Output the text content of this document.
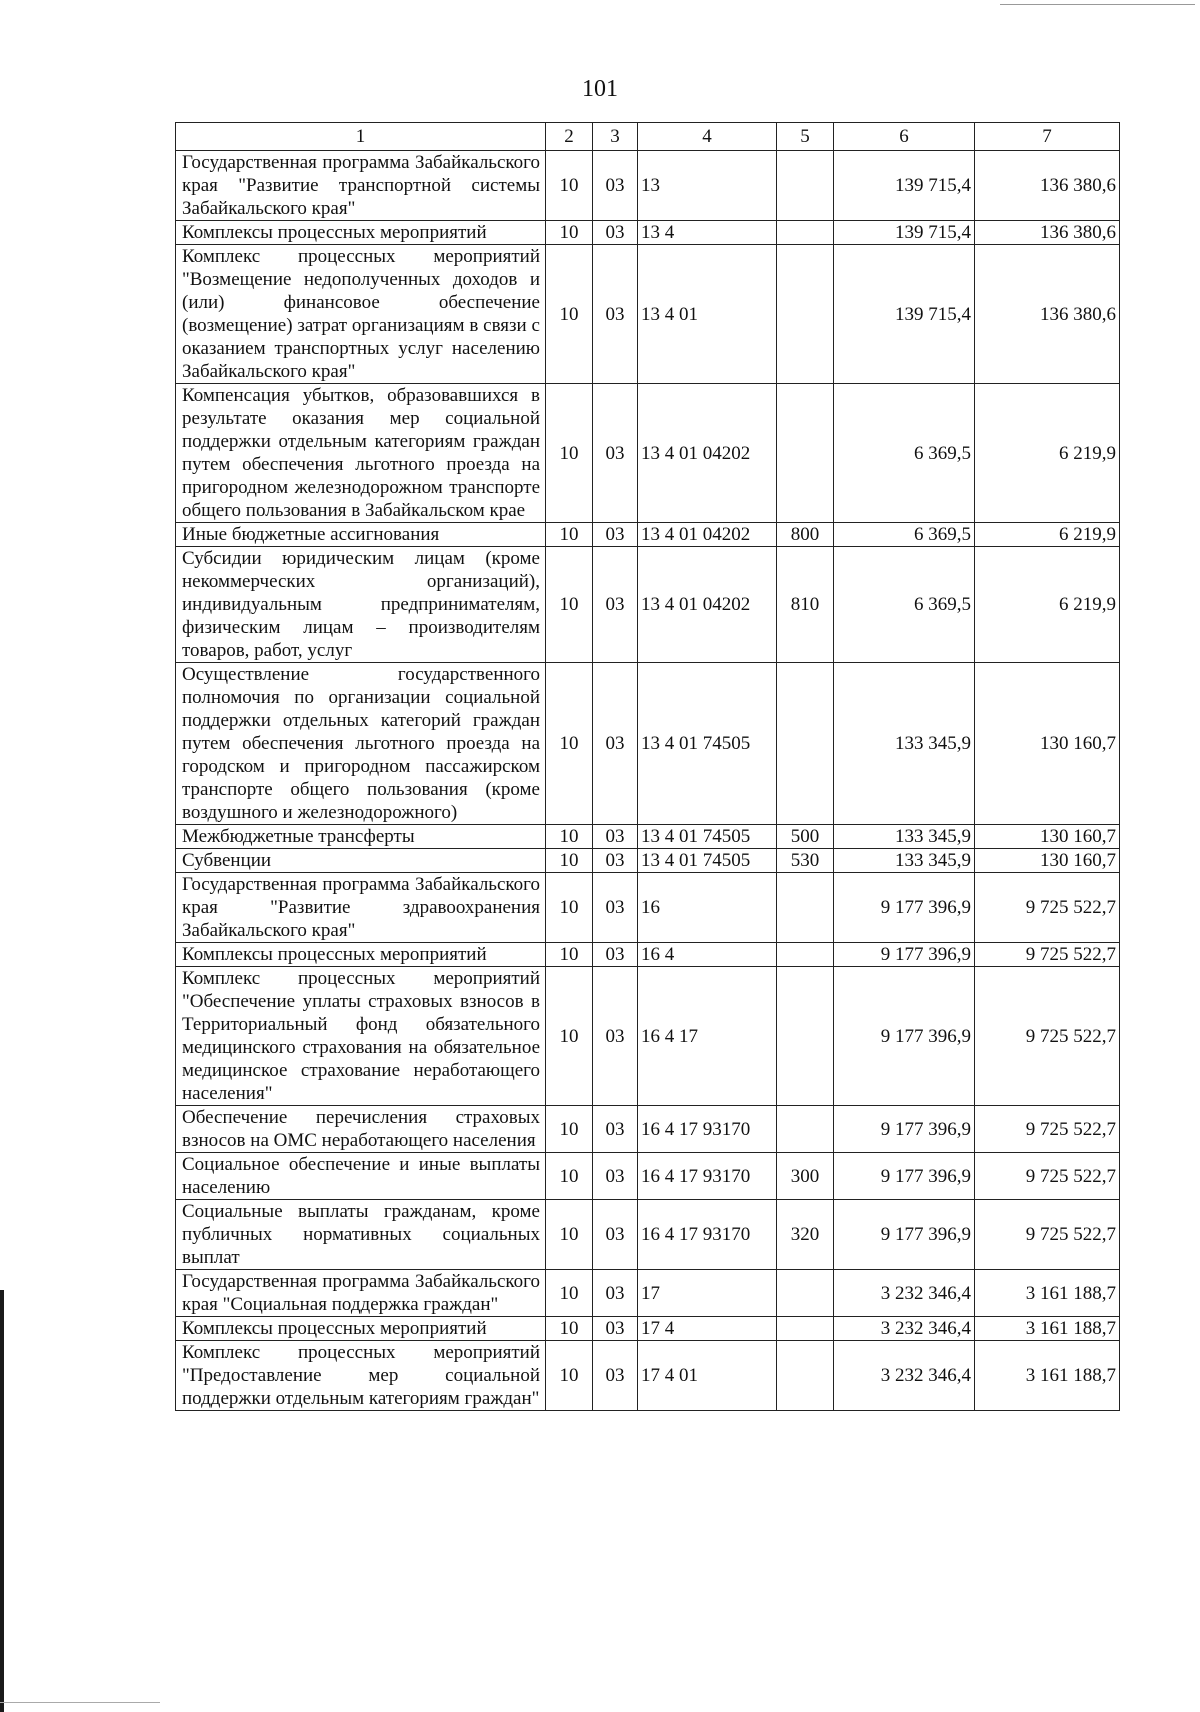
101
1	2	3	4	5	6	7
Государственная программа Забайкальского края "Развитие транспортной системы Забайкальского края"	10	03	13		139 715,4	136 380,6
Комплексы процессных мероприятий	10	03	13 4		139 715,4	136 380,6
Комплекс процессных мероприятий "Возмещение недополученных доходов и (или) финансовое обеспечение (возмещение) затрат организациям в связи с оказанием транспортных услуг населению Забайкальского края"	10	03	13 4 01		139 715,4	136 380,6
Компенсация убытков, образовавшихся в результате оказания мер социальной поддержки отдельным категориям граждан путем обеспечения льготного проезда на пригородном железнодорожном транспорте общего пользования в Забайкальском крае	10	03	13 4 01 04202		6 369,5	6 219,9
Иные бюджетные ассигнования	10	03	13 4 01 04202	800	6 369,5	6 219,9
Субсидии юридическим лицам (кроме некоммерческих организаций), индивидуальным предпринимателям, физическим лицам – производителям товаров, работ, услуг	10	03	13 4 01 04202	810	6 369,5	6 219,9
Осуществление государственного полномочия по организации социальной поддержки отдельных категорий граждан путем обеспечения льготного проезда на городском и пригородном пассажирском транспорте общего пользования (кроме воздушного и железнодорожного)	10	03	13 4 01 74505		133 345,9	130 160,7
Межбюджетные трансферты	10	03	13 4 01 74505	500	133 345,9	130 160,7
Субвенции	10	03	13 4 01 74505	530	133 345,9	130 160,7
Государственная программа Забайкальского края "Развитие здравоохранения Забайкальского края"	10	03	16		9 177 396,9	9 725 522,7
Комплексы процессных мероприятий	10	03	16 4		9 177 396,9	9 725 522,7
Комплекс процессных мероприятий "Обеспечение уплаты страховых взносов в Территориальный фонд обязательного медицинского страхования на обязательное медицинское страхование неработающего населения"	10	03	16 4 17		9 177 396,9	9 725 522,7
Обеспечение перечисления страховых взносов на ОМС неработающего населения	10	03	16 4 17 93170		9 177 396,9	9 725 522,7
Социальное обеспечение и иные выплаты населению	10	03	16 4 17 93170	300	9 177 396,9	9 725 522,7
Социальные выплаты гражданам, кроме публичных нормативных социальных выплат	10	03	16 4 17 93170	320	9 177 396,9	9 725 522,7
Государственная программа Забайкальского края "Социальная поддержка граждан"	10	03	17		3 232 346,4	3 161 188,7
Комплексы процессных мероприятий	10	03	17 4		3 232 346,4	3 161 188,7
Комплекс процессных мероприятий "Предоставление мер социальной поддержки отдельным категориям граждан"	10	03	17 4 01		3 232 346,4	3 161 188,7
